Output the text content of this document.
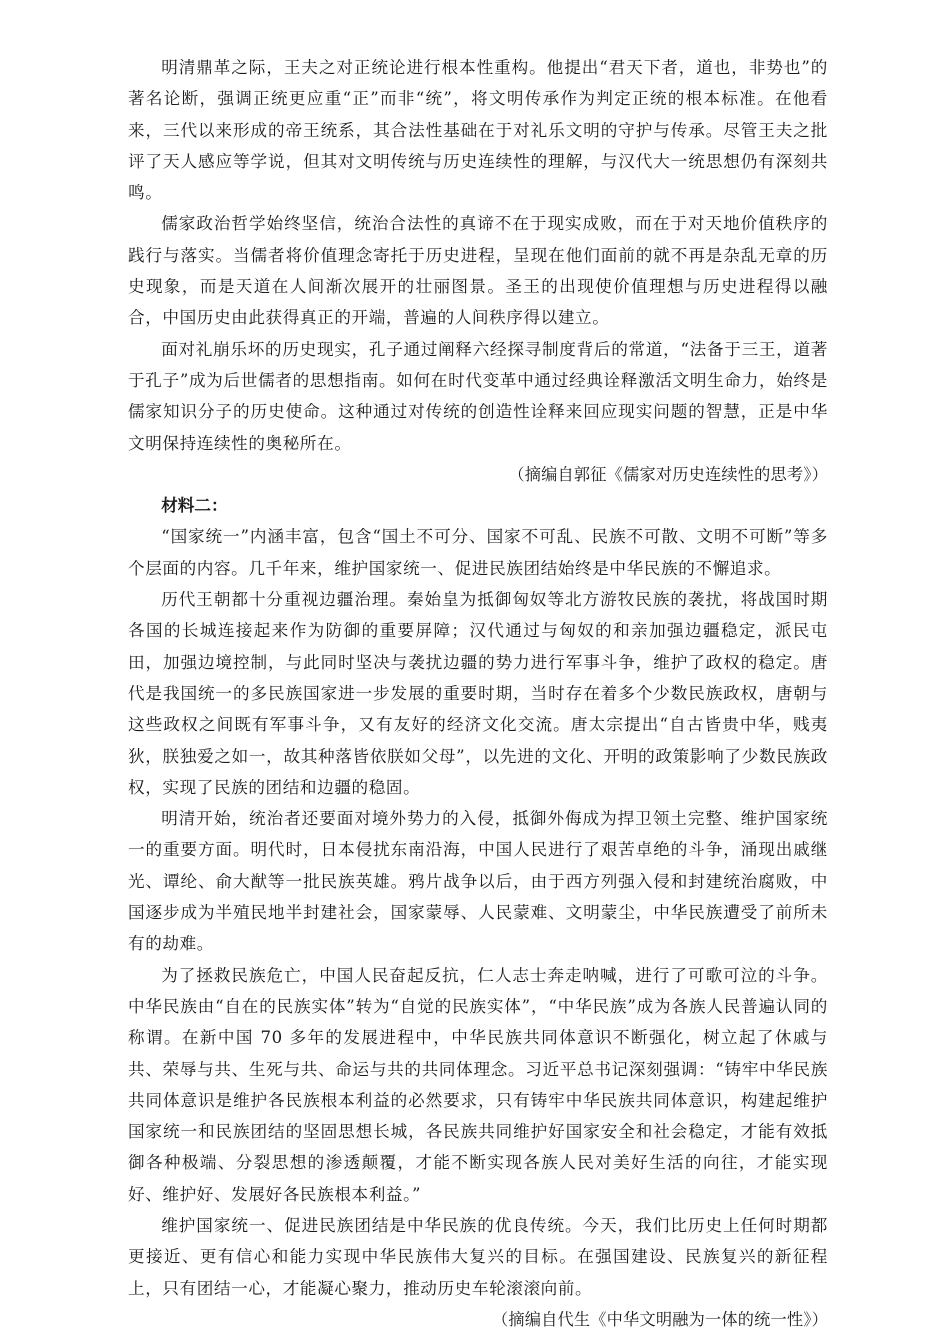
明清鼎革之际，王夫之对正统论进行根本性重构。他提出“君天下者，道也，非势也”的著名论断，强调正统更应重“正”而非“统”，将文明传承作为判定正统的根本标准。在他看来，三代以来形成的帝王统系，其合法性基础在于对礼乐文明的守护与传承。尽管王夫之批评了天人感应等学说，但其对文明传统与历史连续性的理解，与汉代大一统思想仍有深刻共鸣。

儒家政治哲学始终坚信，统治合法性的真谛不在于现实成败，而在于对天地价值秩序的践行与落实。当儒者将价值理念寄托于历史进程，呈现在他们面前的就不再是杂乱无章的历史现象，而是天道在人间渐次展开的壮丽图景。圣王的出现使价值理想与历史进程得以融合，中国历史由此获得真正的开端，普遍的人间秩序得以建立。

面对礼崩乐坏的历史现实，孔子通过阐释六经探寻制度背后的常道，“法备于三王，道著于孔子”成为后世儒者的思想指南。如何在时代变革中通过经典诠释激活文明生命力，始终是儒家知识分子的历史使命。这种通过对传统的创造性诠释来回应现实问题的智慧，正是中华文明保持连续性的奥秘所在。

（摘编自郭征《儒家对历史连续性的思考》）

材料二：

“国家统一”内涵丰富，包含“国土不可分、国家不可乱、民族不可散、文明不可断”等多个层面的内容。几千年来，维护国家统一、促进民族团结始终是中华民族的不懈追求。

历代王朝都十分重视边疆治理。秦始皇为抵御匈奴等北方游牧民族的袭扰，将战国时期各国的长城连接起来作为防御的重要屏障；汉代通过与匈奴的和亲加强边疆稳定，派民屯田，加强边境控制，与此同时坚决与袭扰边疆的势力进行军事斗争，维护了政权的稳定。唐代是我国统一的多民族国家进一步发展的重要时期，当时存在着多个少数民族政权，唐朝与这些政权之间既有军事斗争，又有友好的经济文化交流。唐太宗提出“自古皆贵中华，贱夷狄，朕独爱之如一，故其种落皆依朕如父母”，以先进的文化、开明的政策影响了少数民族政权，实现了民族的团结和边疆的稳固。

明清开始，统治者还要面对境外势力的入侵，抵御外侮成为捍卫领土完整、维护国家统一的重要方面。明代时，日本侵扰东南沿海，中国人民进行了艰苦卓绝的斗争，涌现出戚继光、谭纶、俞大猷等一批民族英雄。鸦片战争以后，由于西方列强入侵和封建统治腐败，中国逐步成为半殖民地半封建社会，国家蒙辱、人民蒙难、文明蒙尘，中华民族遭受了前所未有的劫难。

为了拯救民族危亡，中国人民奋起反抗，仁人志士奔走呐喊，进行了可歌可泣的斗争。中华民族由“自在的民族实体”转为“自觉的民族实体”，“中华民族”成为各族人民普遍认同的称谓。在新中国 70 多年的发展进程中，中华民族共同体意识不断强化，树立起了休戚与共、荣辱与共、生死与共、命运与共的共同体理念。习近平总书记深刻强调：“铸牢中华民族共同体意识是维护各民族根本利益的必然要求，只有铸牢中华民族共同体意识，构建起维护国家统一和民族团结的坚固思想长城，各民族共同维护好国家安全和社会稳定，才能有效抵御各种极端、分裂思想的渗透颠覆，才能不断实现各族人民对美好生活的向往，才能实现好、维护好、发展好各民族根本利益。”

维护国家统一、促进民族团结是中华民族的优良传统。今天，我们比历史上任何时期都更接近、更有信心和能力实现中华民族伟大复兴的目标。在强国建设、民族复兴的新征程上，只有团结一心，才能凝心聚力，推动历史车轮滚滚向前。

（摘编自代生《中华文明融为一体的统一性》）
